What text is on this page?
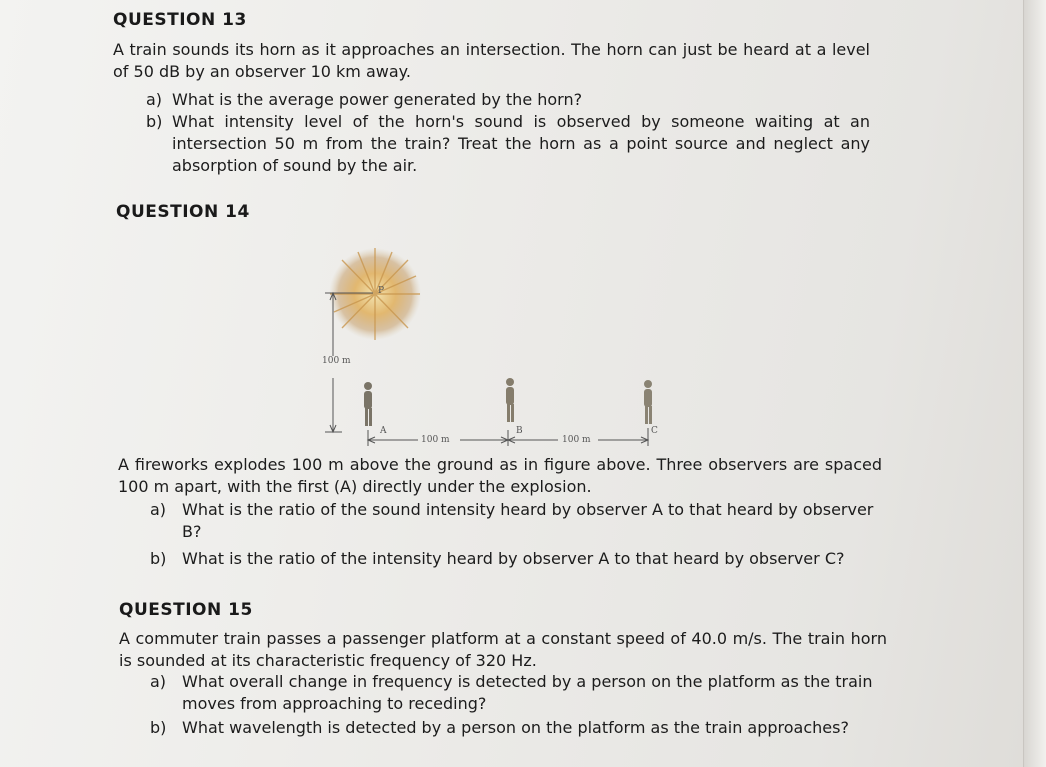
QUESTION 13

A train sounds its horn as it approaches an intersection. The horn can just be heard at a level of 50 dB by an observer 10 km away.

a) What is the average power generated by the horn?
b) What intensity level of the horn's sound is observed by someone waiting at an intersection 50 m from the train? Treat the horn as a point source and neglect any absorption of sound by the air.
QUESTION 14
100 m
P
A	B	C
100 m	100 m

A fireworks explodes 100 m above the ground as in figure above. Three observers are spaced 100 m apart, with the first (A) directly under the explosion.

a) What is the ratio of the sound intensity heard by observer A to that heard by observer B?
b) What is the ratio of the intensity heard by observer A to that heard by observer C?
QUESTION 15

A commuter train passes a passenger platform at a constant speed of 40.0 m/s. The train horn is sounded at its characteristic frequency of 320 Hz.

a) What overall change in frequency is detected by a person on the platform as the train moves from approaching to receding?
b) What wavelength is detected by a person on the platform as the train approaches?
